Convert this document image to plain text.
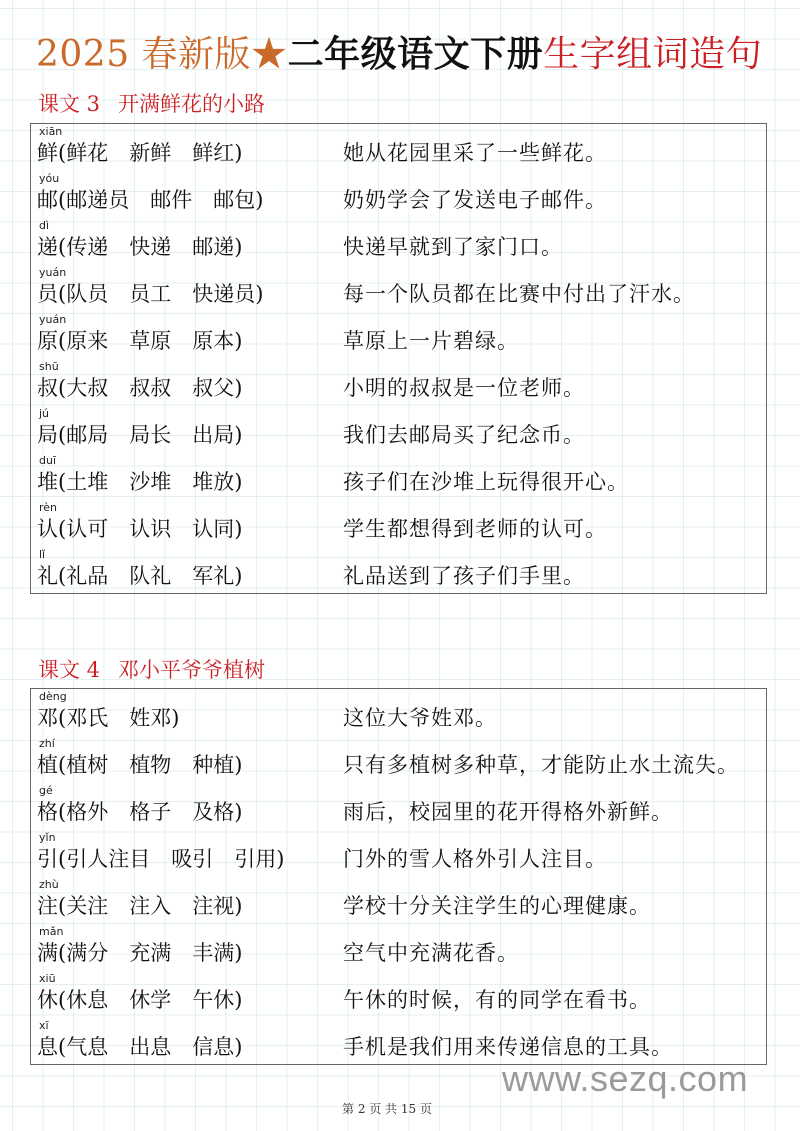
2025 春新版★二年级语文下册生字组词造句
课文 3 开满鲜花的小路
xiān
鲜(鲜花　新鲜　鲜红)	她从花园里采了一些鲜花。
yóu
邮(邮递员　邮件　邮包)	奶奶学会了发送电子邮件。
dì
递(传递　快递　邮递)	快递早就到了家门口。
yuán
员(队员　员工　快递员)	每一个队员都在比赛中付出了汗水。
yuán
原(原来　草原　原本)	草原上一片碧绿。
shū
叔(大叔　叔叔　叔父)	小明的叔叔是一位老师。
jú
局(邮局　局长　出局)	我们去邮局买了纪念币。
duī
堆(土堆　沙堆　堆放)	孩子们在沙堆上玩得很开心。
rèn
认(认可　认识　认同)	学生都想得到老师的认可。
lǐ
礼(礼品　队礼　军礼)	礼品送到了孩子们手里。
课文 4 邓小平爷爷植树
dèng
邓(邓氏　姓邓)	这位大爷姓邓。
zhí
植(植树　植物　种植)	只有多植树多种草，才能防止水土流失。
gé
格(格外　格子　及格)	雨后，校园里的花开得格外新鲜。
yǐn
引(引人注目　吸引　引用)	门外的雪人格外引人注目。
zhù
注(关注　注入　注视)	学校十分关注学生的心理健康。
mǎn
满(满分　充满　丰满)	空气中充满花香。
xiū
休(休息　休学　午休)	午休的时候，有的同学在看书。
xī
息(气息　出息　信息)	手机是我们用来传递信息的工具。
www.sezq.com
第 2 页 共 15 页
